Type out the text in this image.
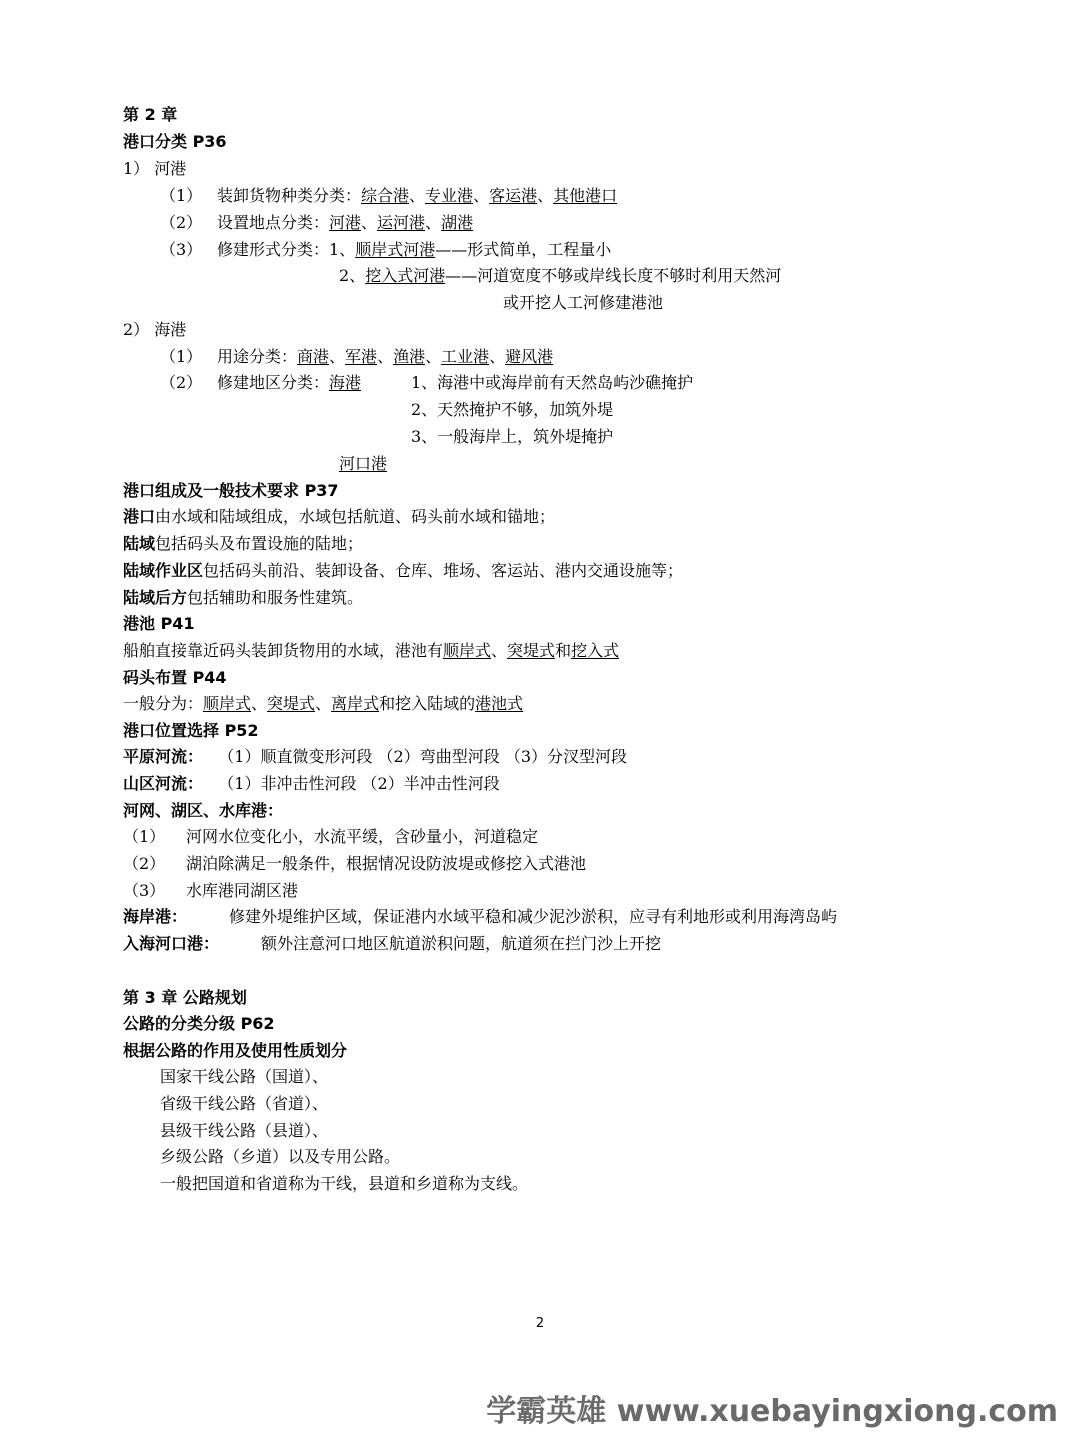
第 2 章
港口分类 P36
1） 河港
（1） 装卸货物种类分类：综合港、专业港、客运港、其他港口
（2） 设置地点分类：河港、运河港、湖港
（3） 修建形式分类：1、顺岸式河港——形式简单，工程量小
2、挖入式河港——河道宽度不够或岸线长度不够时利用天然河
或开挖人工河修建港池
2） 海港
（1） 用途分类：商港、军港、渔港、工业港、避风港
（2） 修建地区分类：海港	1、海港中或海岸前有天然岛屿沙礁掩护
2、天然掩护不够，加筑外堤
3、一般海岸上，筑外堤掩护
河口港
港口组成及一般技术要求 P37
港口由水域和陆域组成，水域包括航道、码头前水域和锚地；
陆域包括码头及布置设施的陆地；
陆域作业区包括码头前沿、装卸设备、仓库、堆场、客运站、港内交通设施等；
陆域后方包括辅助和服务性建筑。
港池 P41
船舶直接靠近码头装卸货物用的水域，港池有顺岸式、突堤式和挖入式
码头布置 P44
一般分为：顺岸式、突堤式、离岸式和挖入陆域的港池式
港口位置选择 P52
平原河流： （1）顺直微变形河段 （2）弯曲型河段 （3）分汊型河段
山区河流： （1）非冲击性河段 （2）半冲击性河段
河网、湖区、水库港：
（1） 河网水位变化小，水流平缓，含砂量小，河道稳定
（2） 湖泊除满足一般条件，根据情况设防波堤或修挖入式港池
（3） 水库港同湖区港
海岸港：	修建外堤维护区域，保证港内水域平稳和减少泥沙淤积，应寻有利地形或利用海湾岛屿
入海河口港：	额外注意河口地区航道淤积问题，航道须在拦门沙上开挖
第 3 章 公路规划
公路的分类分级 P62
根据公路的作用及使用性质划分
国家干线公路（国道）、
省级干线公路（省道）、
县级干线公路（县道）、
乡级公路（乡道）以及专用公路。
一般把国道和省道称为干线，县道和乡道称为支线。
2
学霸英雄 www.xuebayingxiong.com
